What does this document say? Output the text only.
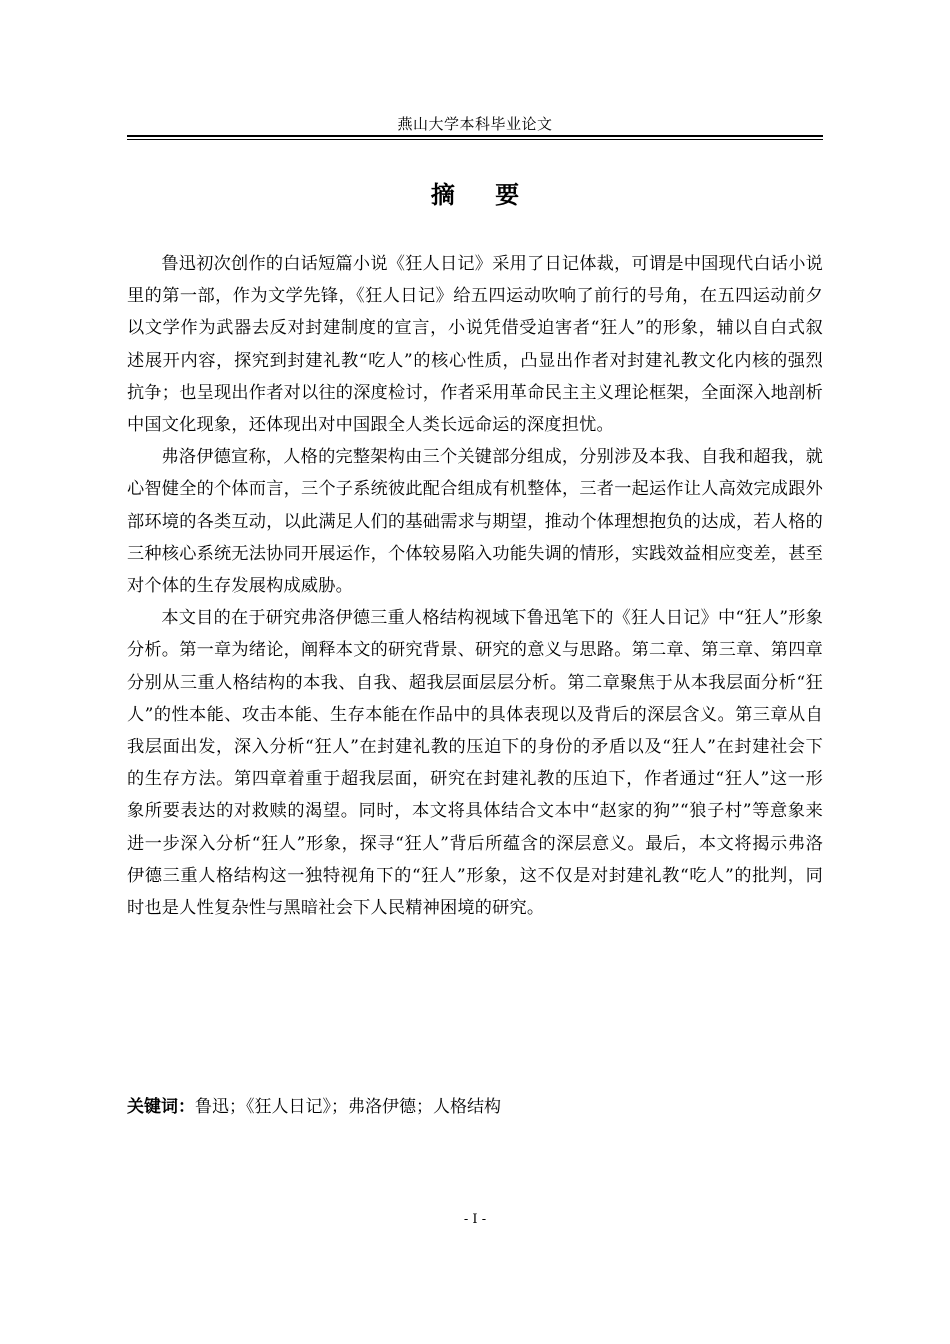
燕山大学本科毕业论文
摘 要

鲁迅初次创作的白话短篇小说《狂人日记》采用了日记体裁，可谓是中国现代白话小说里的第一部，作为文学先锋，《狂人日记》给五四运动吹响了前行的号角，在五四运动前夕以文学作为武器去反对封建制度的宣言，小说凭借受迫害者“狂人”的形象，辅以自白式叙述展开内容，探究到封建礼教“吃人”的核心性质，凸显出作者对封建礼教文化内核的强烈抗争；也呈现出作者对以往的深度检讨，作者采用革命民主主义理论框架，全面深入地剖析中国文化现象，还体现出对中国跟全人类长远命运的深度担忧。

弗洛伊德宣称，人格的完整架构由三个关键部分组成，分别涉及本我、自我和超我，就心智健全的个体而言，三个子系统彼此配合组成有机整体，三者一起运作让人高效完成跟外部环境的各类互动，以此满足人们的基础需求与期望，推动个体理想抱负的达成，若人格的三种核心系统无法协同开展运作，个体较易陷入功能失调的情形，实践效益相应变差，甚至对个体的生存发展构成威胁。

本文目的在于研究弗洛伊德三重人格结构视域下鲁迅笔下的《狂人日记》中“狂人”形象分析。第一章为绪论，阐释本文的研究背景、研究的意义与思路。第二章、第三章、第四章分别从三重人格结构的本我、自我、超我层面层层分析。第二章聚焦于从本我层面分析“狂人”的性本能、攻击本能、生存本能在作品中的具体表现以及背后的深层含义。第三章从自我层面出发，深入分析“狂人”在封建礼教的压迫下的身份的矛盾以及“狂人”在封建社会下的生存方法。第四章着重于超我层面，研究在封建礼教的压迫下，作者通过“狂人”这一形象所要表达的对救赎的渴望。同时，本文将具体结合文本中“赵家的狗”“狼子村”等意象来进一步深入分析“狂人”形象，探寻“狂人”背后所蕴含的深层意义。最后，本文将揭示弗洛伊德三重人格结构这一独特视角下的“狂人”形象，这不仅是对封建礼教“吃人”的批判，同时也是人性复杂性与黑暗社会下人民精神困境的研究。

关键词：鲁迅；《狂人日记》；弗洛伊德；人格结构
- I -
